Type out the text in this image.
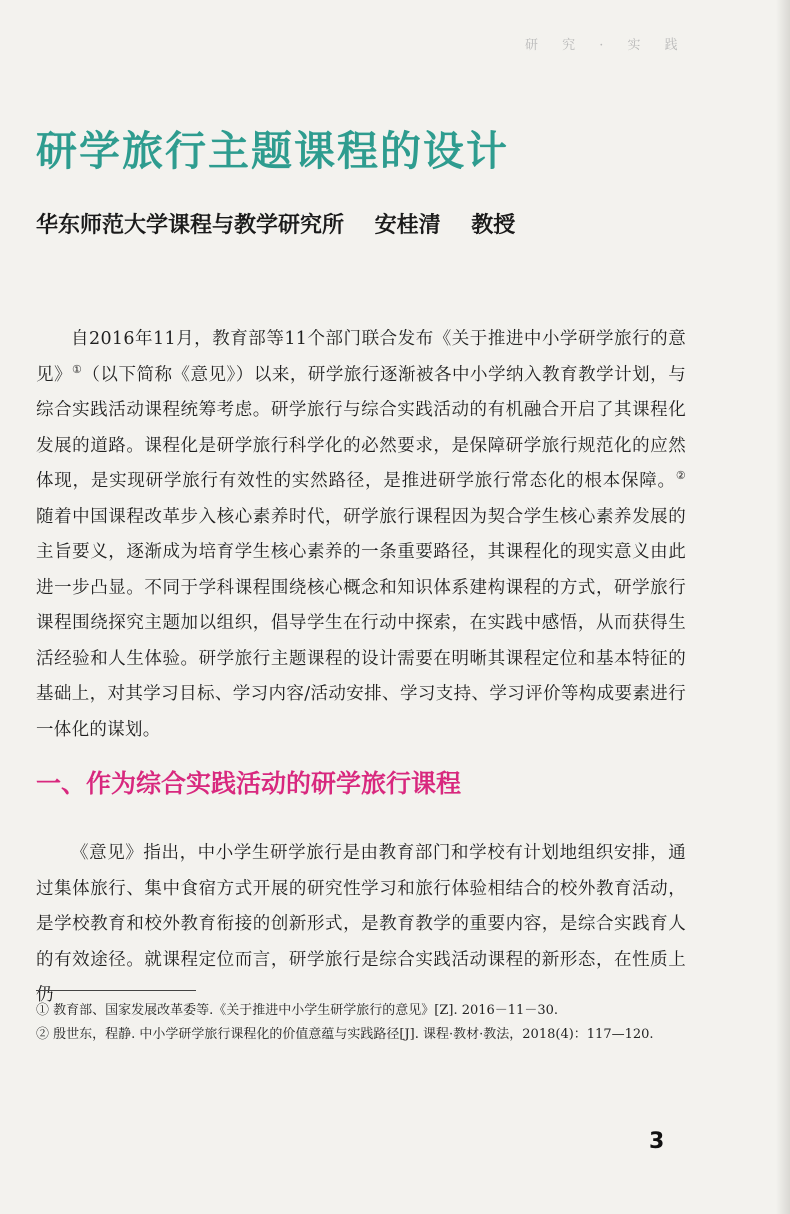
研 究 · 实 践
研学旅行主题课程的设计
华东师范大学课程与教学研究所    安桂清    教授

自2016年11月，教育部等11个部门联合发布《关于推进中小学研学旅行的意见》①（以下简称《意见》）以来，研学旅行逐渐被各中小学纳入教育教学计划，与综合实践活动课程统筹考虑。研学旅行与综合实践活动的有机融合开启了其课程化发展的道路。课程化是研学旅行科学化的必然要求，是保障研学旅行规范化的应然体现，是实现研学旅行有效性的实然路径，是推进研学旅行常态化的根本保障。② 随着中国课程改革步入核心素养时代，研学旅行课程因为契合学生核心素养发展的主旨要义，逐渐成为培育学生核心素养的一条重要路径，其课程化的现实意义由此进一步凸显。不同于学科课程围绕核心概念和知识体系建构课程的方式，研学旅行课程围绕探究主题加以组织，倡导学生在行动中探索，在实践中感悟，从而获得生活经验和人生体验。研学旅行主题课程的设计需要在明晰其课程定位和基本特征的基础上，对其学习目标、学习内容/活动安排、学习支持、学习评价等构成要素进行一体化的谋划。

一、作为综合实践活动的研学旅行课程

《意见》指出，中小学生研学旅行是由教育部门和学校有计划地组织安排，通过集体旅行、集中食宿方式开展的研究性学习和旅行体验相结合的校外教育活动，是学校教育和校外教育衔接的创新形式，是教育教学的重要内容，是综合实践育人的有效途径。就课程定位而言，研学旅行是综合实践活动课程的新形态，在性质上仍

① 教育部、国家发展改革委等.《关于推进中小学生研学旅行的意见》[Z]. 2016－11－30.

② 殷世东，程静. 中小学研学旅行课程化的价值意蕴与实践路径[J]. 课程·教材·教法，2018(4)：117—120.

3
